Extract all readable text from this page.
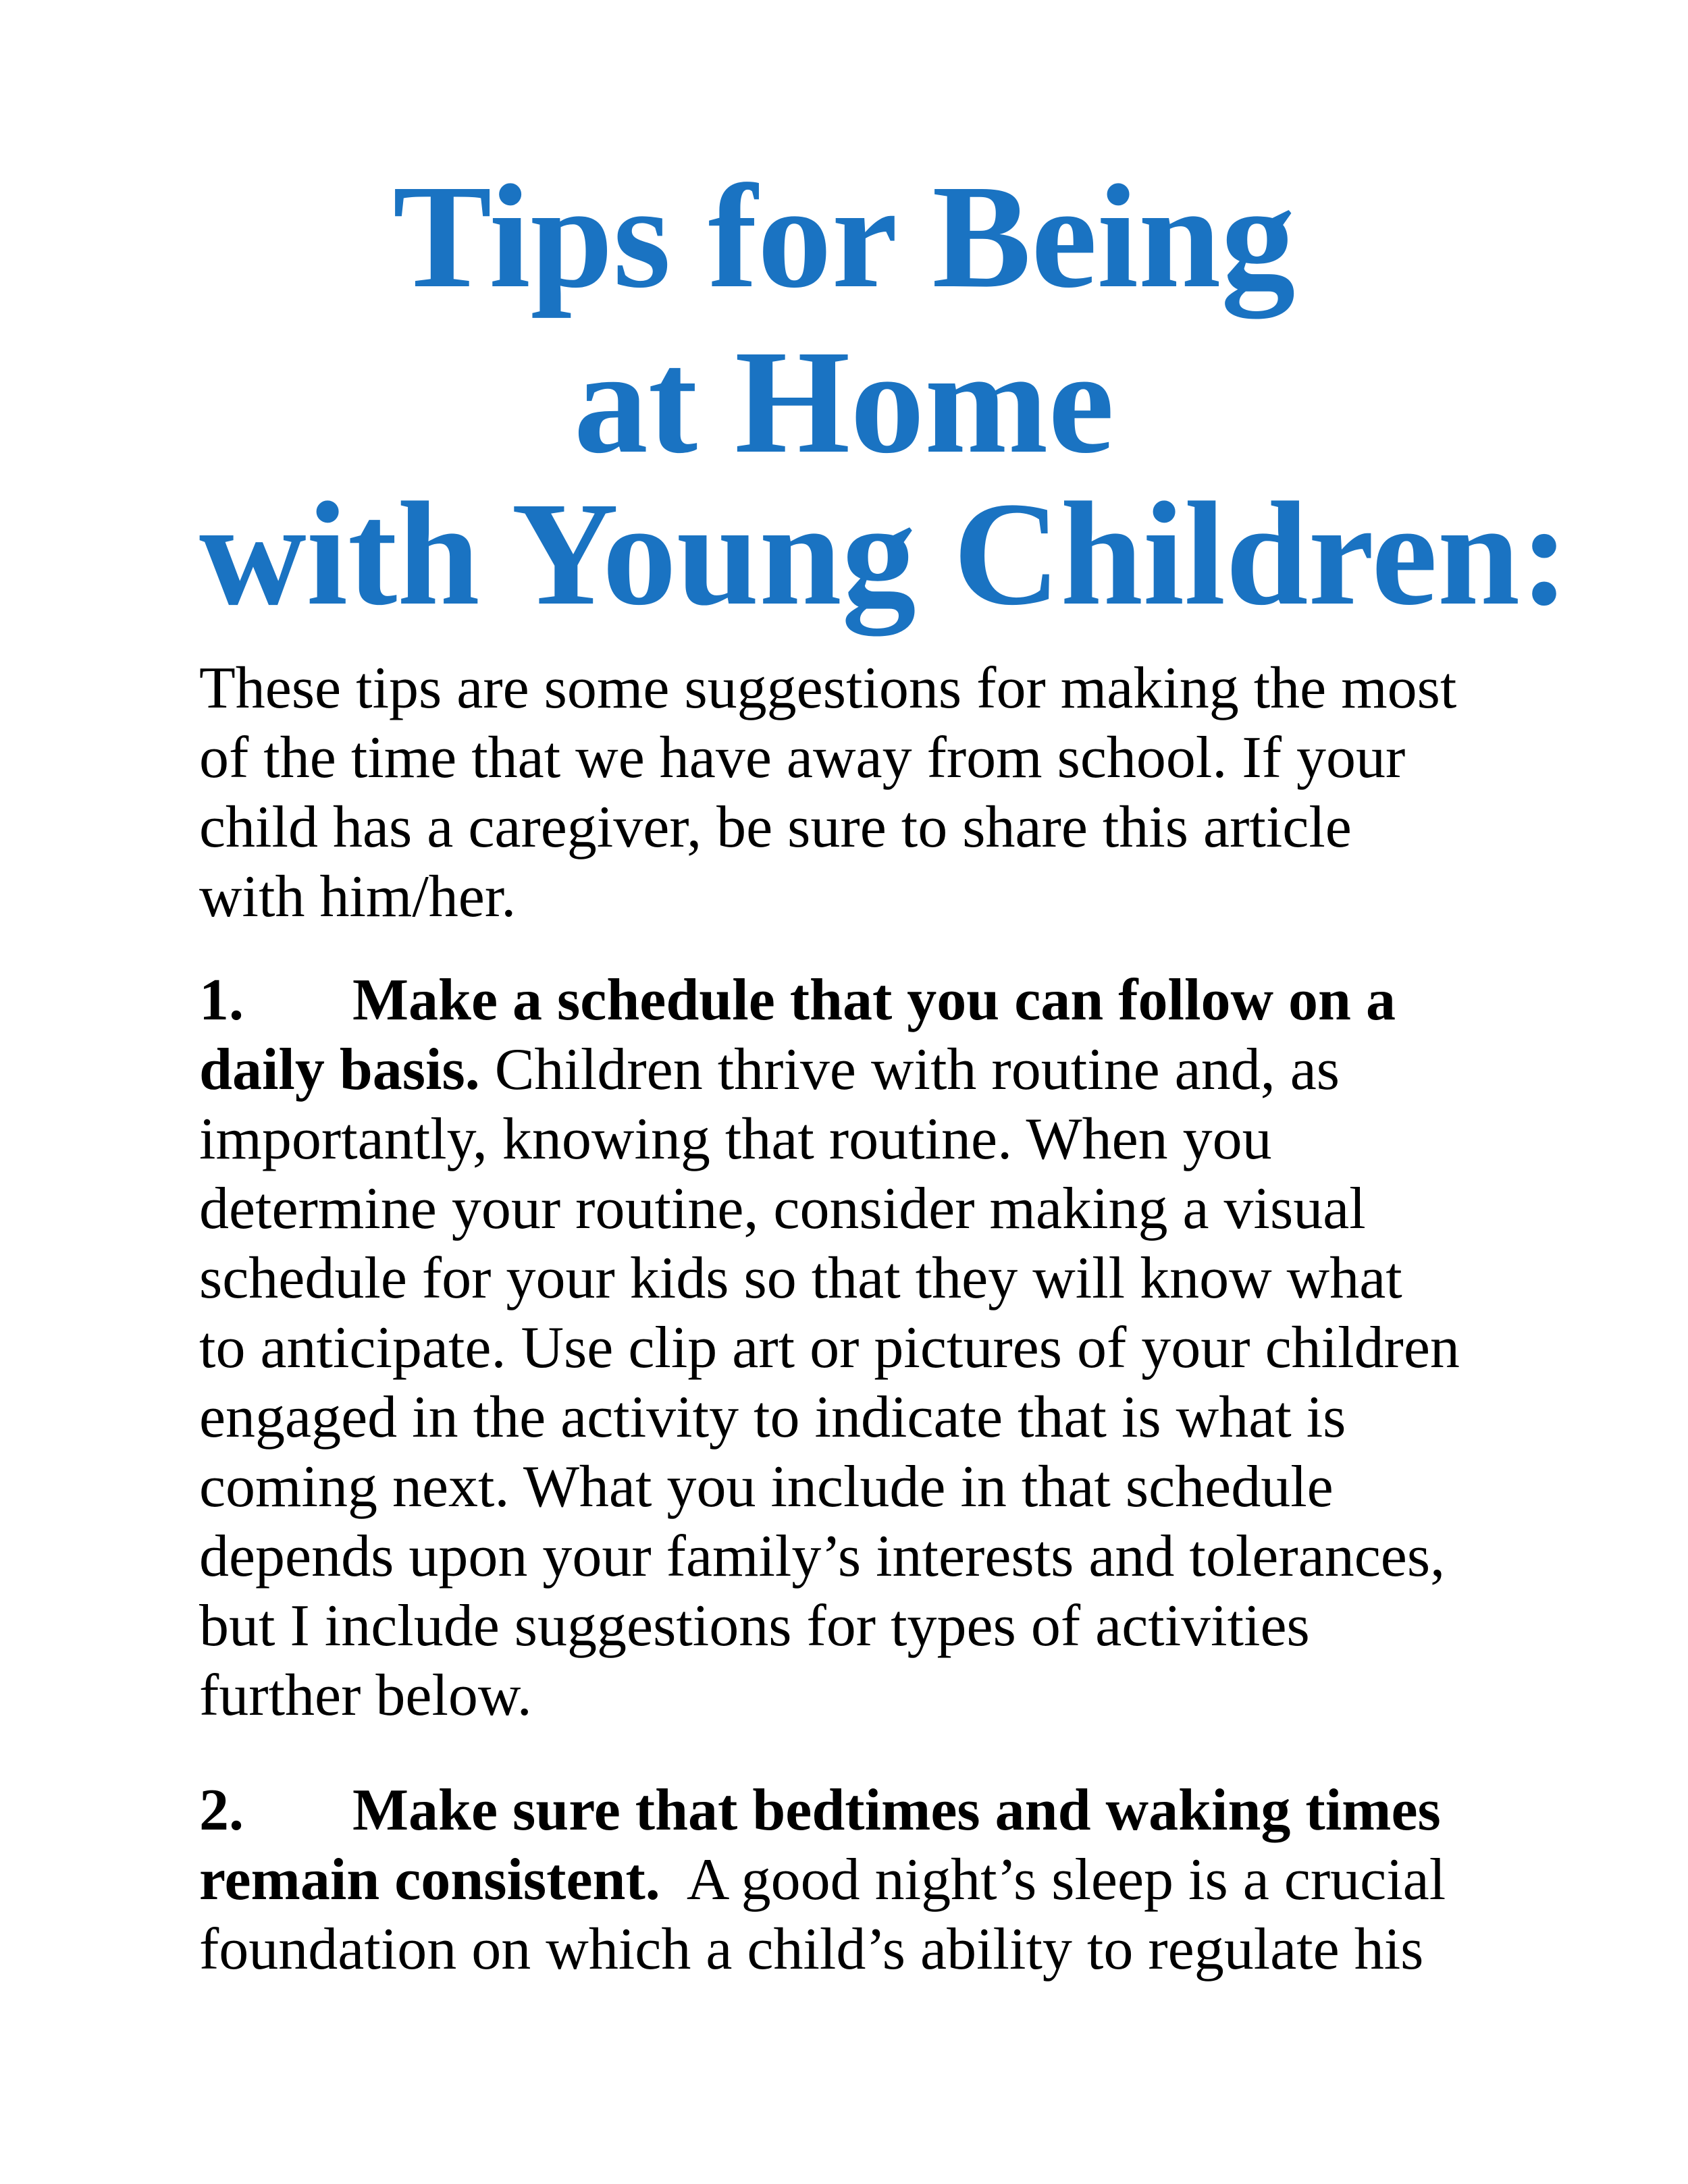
Tips for Being
at Home
with Young Children:
These tips are some suggestions for making the most
of the time that we have away from school. If your
child has a caregiver, be sure to share this article
with him/her.
1. Make a schedule that you can follow on a
daily basis. Children thrive with routine and, as
importantly, knowing that routine. When you
determine your routine, consider making a visual
schedule for your kids so that they will know what
to anticipate. Use clip art or pictures of your children
engaged in the activity to indicate that is what is
coming next. What you include in that schedule
depends upon your family’s interests and tolerances,
but I include suggestions for types of activities
further below.
2. Make sure that bedtimes and waking times
remain consistent.  A good night’s sleep is a crucial
foundation on which a child’s ability to regulate his
